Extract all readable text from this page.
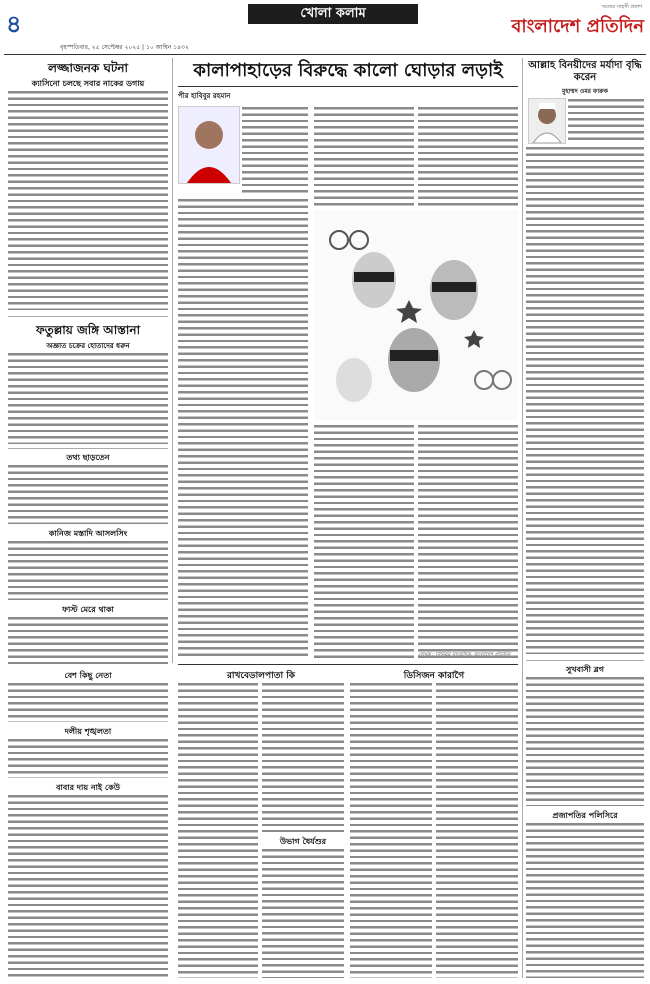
৪
বৃহস্পতিবার, ২৫ সেপ্টেম্বর ২০২৫ | ১০ আশ্বিন ১৪৩২
খোলা কলাম	সত্যের সাহসী প্রকাশ
বাংলাদেশ প্রতিদিন
লজ্জাজনক ঘটনা
ক্যাসিনো চলছে সবার নাকের ডগায়
ফতুল্লায় জঙ্গি আস্তানা
অজ্ঞাত চক্রের হোতাদের ধরুন
তথ্য ছাড়তেন
কানিজ মস্তাদি আসলসিং
ফাস্ট মেরে থাকা
বেশ কিছু নেতা
দলীয় শৃঙ্খলতা
বাবার দায় নাই কেউ
কালাপাহাড়ের বিরুদ্ধে কালো ঘোড়ার লড়াই
পীর হাবিবুর রহমান
লেখক : সিনিয়র সাংবাদিক, বাংলাদেশ প্রতিদিন
আল্লাহ বিনয়ীদের মর্যাদা বৃদ্ধি করেন
মুহাম্মদ ওমর ফারুক
সুখবাসী ব্লগ
প্রজাপতির পলিসিরে
রাখবেডালপাতা কি	ডিসিজন কারাগৈ
উভাগ ধৈর্যশুর
